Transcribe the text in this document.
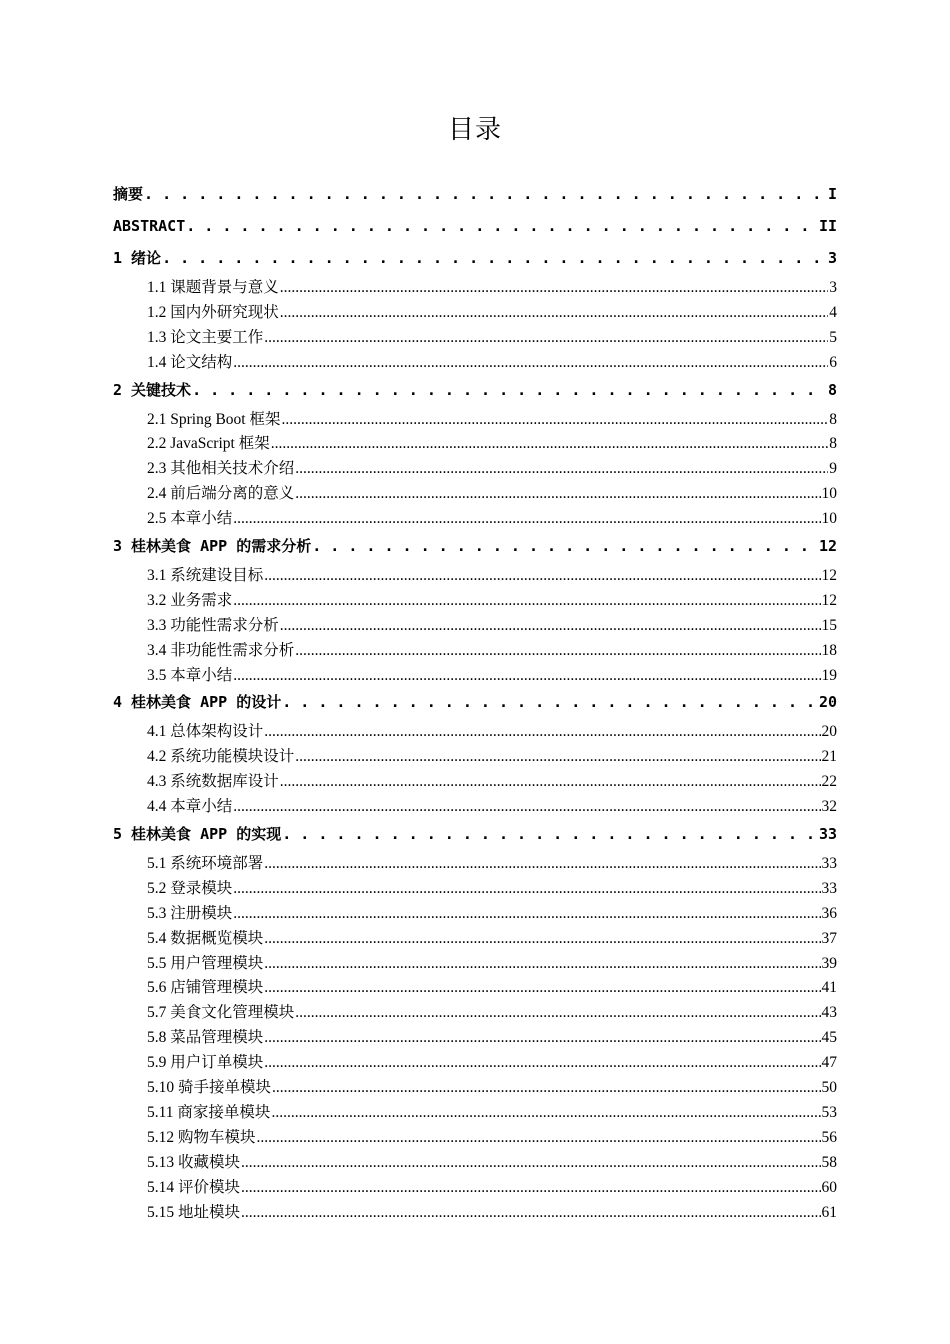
目录
摘要 . . .	I
ABSTRACT . . .	II
1 绪论 . . .	3
1.1 课题背景与意义 .....	3
1.2 国内外研究现状 .....	4
1.3 论文主要工作 .....	5
1.4 论文结构 .....	6
2 关键技术 . . .	8
2.1 Spring Boot 框架 .....	8
2.2 JavaScript 框架 .....	8
2.3 其他相关技术介绍 .....	9
2.4 前后端分离的意义 .....	10
2.5 本章小结 .....	10
3 桂林美食 APP 的需求分析 . . .	12
3.1 系统建设目标 .....	12
3.2 业务需求 .....	12
3.3 功能性需求分析 .....	15
3.4 非功能性需求分析 .....	18
3.5 本章小结 .....	19
4 桂林美食 APP 的设计 . . .	20
4.1 总体架构设计 .....	20
4.2 系统功能模块设计 .....	21
4.3 系统数据库设计 .....	22
4.4 本章小结 .....	32
5 桂林美食 APP 的实现 . . .	33
5.1 系统环境部署 .....	33
5.2 登录模块 .....	33
5.3 注册模块 .....	36
5.4 数据概览模块 .....	37
5.5 用户管理模块 .....	39
5.6 店铺管理模块 .....	41
5.7 美食文化管理模块 .....	43
5.8 菜品管理模块 .....	45
5.9 用户订单模块 .....	47
5.10 骑手接单模块 .....	50
5.11 商家接单模块 .....	53
5.12 购物车模块 .....	56
5.13 收藏模块 .....	58
5.14 评价模块 .....	60
5.15 地址模块 .....	61
